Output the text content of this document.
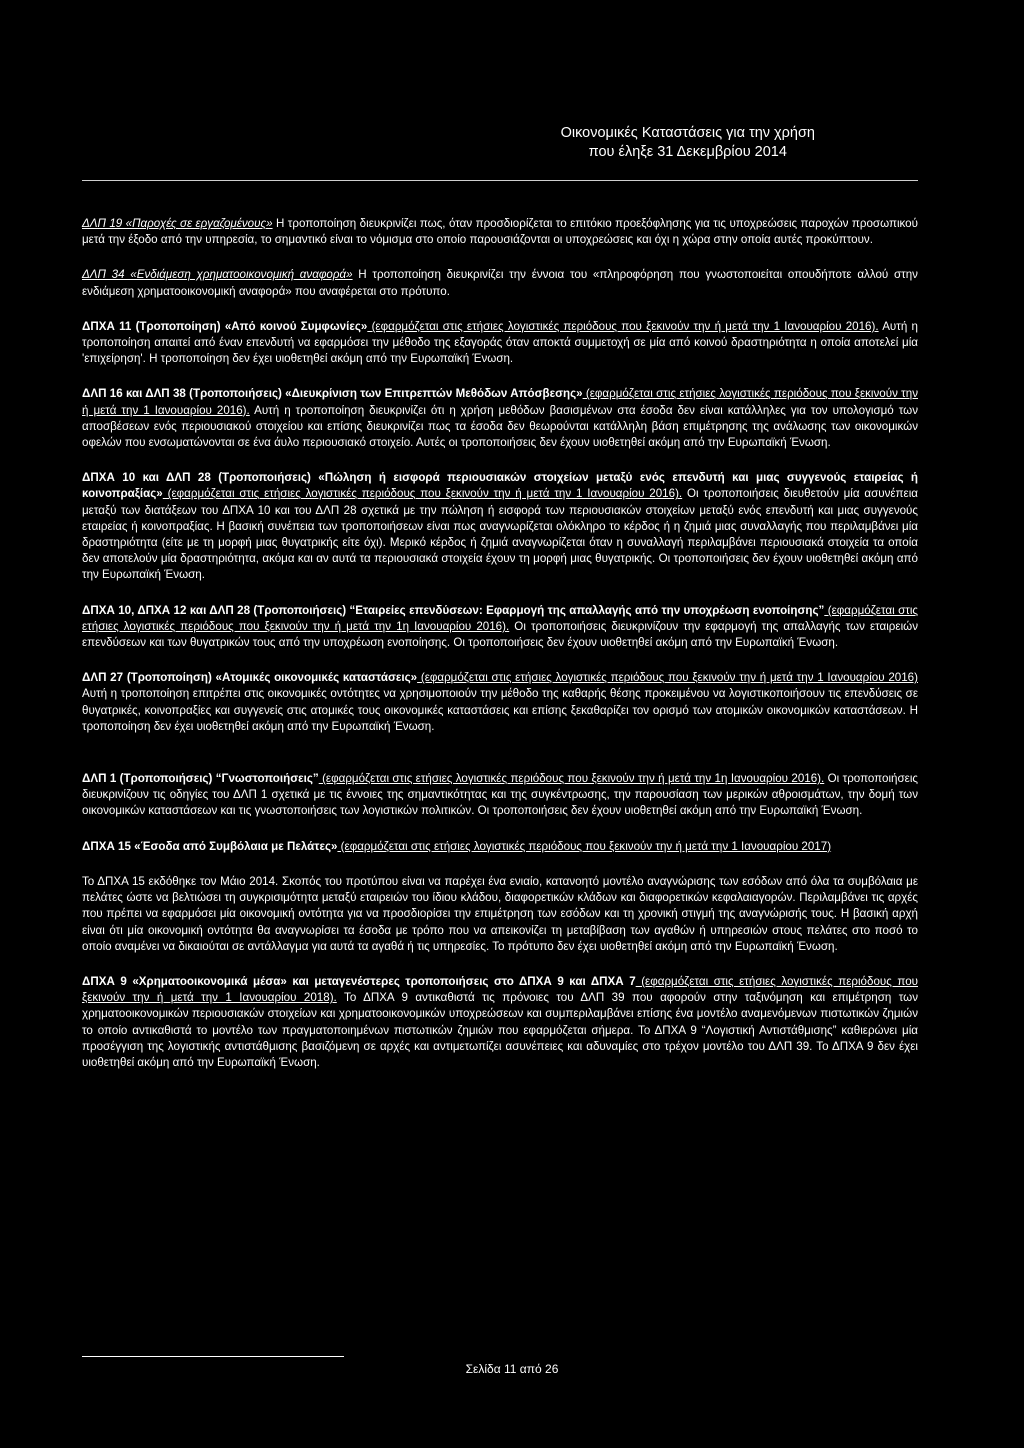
Οικονομικές Καταστάσεις για την χρήση
που έληξε 31 Δεκεμβρίου 2014

ΔΛΠ 19 «Παροχές σε εργαζομένους» Η τροποποίηση διευκρινίζει πως, όταν προσδιορίζεται το επιτόκιο προεξόφλησης για τις υποχρεώσεις παροχών προσωπικού μετά την έξοδο από την υπηρεσία, το σημαντικό είναι το νόμισμα στο οποίο παρουσιάζονται οι υποχρεώσεις και όχι η χώρα στην οποία αυτές προκύπτουν.

ΔΛΠ 34 «Ενδιάμεση χρηματοοικονομική αναφορά» Η τροποποίηση διευκρινίζει την έννοια του «πληροφόρηση που γνωστοποιείται οπουδήποτε αλλού στην ενδιάμεση χρηματοοικονομική αναφορά» που αναφέρεται στο πρότυπο.

ΔΠΧΑ 11 (Τροποποίηση) «Από κοινού Συμφωνίες» (εφαρμόζεται στις ετήσιες λογιστικές περιόδους που ξεκινούν την ή μετά την 1 Ιανουαρίου 2016). Αυτή η τροποποίηση απαιτεί από έναν επενδυτή να εφαρμόσει την μέθοδο της εξαγοράς όταν αποκτά συμμετοχή σε μία από κοινού δραστηριότητα η οποία αποτελεί μία 'επιχείρηση'. Η τροποποίηση δεν έχει υιοθετηθεί ακόμη από την Ευρωπαϊκή Ένωση.

ΔΛΠ 16 και ΔΛΠ 38 (Τροποποιήσεις) «Διευκρίνιση των Επιτρεπτών Μεθόδων Απόσβεσης» (εφαρμόζεται στις ετήσιες λογιστικές περιόδους που ξεκινούν την ή μετά την 1 Ιανουαρίου 2016). Αυτή η τροποποίηση διευκρινίζει ότι η χρήση μεθόδων βασισμένων στα έσοδα δεν είναι κατάλληλες για τον υπολογισμό των αποσβέσεων ενός περιουσιακού στοιχείου και επίσης διευκρινίζει πως τα έσοδα δεν θεωρούνται κατάλληλη βάση επιμέτρησης της ανάλωσης των οικονομικών οφελών που ενσωματώνονται σε ένα άυλο περιουσιακό στοιχείο. Αυτές οι τροποποιήσεις δεν έχουν υιοθετηθεί ακόμη από την Ευρωπαϊκή Ένωση.

ΔΠΧΑ 10 και ΔΛΠ 28 (Τροποποιήσεις) «Πώληση ή εισφορά περιουσιακών στοιχείων μεταξύ ενός επενδυτή και μιας συγγενούς εταιρείας ή κοινοπραξίας» (εφαρμόζεται στις ετήσιες λογιστικές περιόδους που ξεκινούν την ή μετά την 1 Ιανουαρίου 2016). Οι τροποποιήσεις διευθετούν μία ασυνέπεια μεταξύ των διατάξεων του ΔΠΧΑ 10 και του ΔΛΠ 28 σχετικά με την πώληση ή εισφορά των περιουσιακών στοιχείων μεταξύ ενός επενδυτή και μιας συγγενούς εταιρείας ή κοινοπραξίας. Η βασική συνέπεια των τροποποιήσεων είναι πως αναγνωρίζεται ολόκληρο το κέρδος ή η ζημιά μιας συναλλαγής που περιλαμβάνει μία δραστηριότητα (είτε με τη μορφή μιας θυγατρικής είτε όχι). Μερικό κέρδος ή ζημιά αναγνωρίζεται όταν η συναλλαγή περιλαμβάνει περιουσιακά στοιχεία τα οποία δεν αποτελούν μία δραστηριότητα, ακόμα και αν αυτά τα περιουσιακά στοιχεία έχουν τη μορφή μιας θυγατρικής. Οι τροποποιήσεις δεν έχουν υιοθετηθεί ακόμη από την Ευρωπαϊκή Ένωση.

ΔΠΧΑ 10, ΔΠΧΑ 12 και ΔΛΠ 28 (Τροποποιήσεις) “Εταιρείες επενδύσεων: Εφαρμογή της απαλλαγής από την υποχρέωση ενοποίησης” (εφαρμόζεται στις ετήσιες λογιστικές περιόδους που ξεκινούν την ή μετά την 1η Ιανουαρίου 2016). Οι τροποποιήσεις διευκρινίζουν την εφαρμογή της απαλλαγής των εταιρειών επενδύσεων και των θυγατρικών τους από την υποχρέωση ενοποίησης. Οι τροποποιήσεις δεν έχουν υιοθετηθεί ακόμη από την Ευρωπαϊκή Ένωση.

ΔΛΠ 27 (Τροποποίηση) «Ατομικές οικονομικές καταστάσεις» (εφαρμόζεται στις ετήσιες λογιστικές περιόδους που ξεκινούν την ή μετά την 1 Ιανουαρίου 2016) Αυτή η τροποποίηση επιτρέπει στις οικονομικές οντότητες να χρησιμοποιούν την μέθοδο της καθαρής θέσης προκειμένου να λογιστικοποιήσουν τις επενδύσεις σε θυγατρικές, κοινοπραξίες και συγγενείς στις ατομικές τους οικονομικές καταστάσεις και επίσης ξεκαθαρίζει τον ορισμό των ατομικών οικονομικών καταστάσεων. Η τροποποίηση δεν έχει υιοθετηθεί ακόμη από την Ευρωπαϊκή Ένωση.

ΔΛΠ 1 (Τροποποιήσεις) “Γνωστοποιήσεις” (εφαρμόζεται στις ετήσιες λογιστικές περιόδους που ξεκινούν την ή μετά την 1η Ιανουαρίου 2016). Οι τροποποιήσεις διευκρινίζουν τις οδηγίες του ΔΛΠ 1 σχετικά με τις έννοιες της σημαντικότητας και της συγκέντρωσης, την παρουσίαση των μερικών αθροισμάτων, την δομή των οικονομικών καταστάσεων και τις γνωστοποιήσεις των λογιστικών πολιτικών. Οι τροποποιήσεις δεν έχουν υιοθετηθεί ακόμη από την Ευρωπαϊκή Ένωση.

ΔΠΧΑ 15 «Έσοδα από Συμβόλαια με Πελάτες» (εφαρμόζεται στις ετήσιες λογιστικές περιόδους που ξεκινούν την ή μετά την 1 Ιανουαρίου 2017)

Το ΔΠΧΑ 15 εκδόθηκε τον Μάιο 2014. Σκοπός του προτύπου είναι να παρέχει ένα ενιαίο, κατανοητό μοντέλο αναγνώρισης των εσόδων από όλα τα συμβόλαια με πελάτες ώστε να βελτιώσει τη συγκρισιμότητα μεταξύ εταιρειών του ίδιου κλάδου, διαφορετικών κλάδων και διαφορετικών κεφαλαιαγορών. Περιλαμβάνει τις αρχές που πρέπει να εφαρμόσει μία οικονομική οντότητα για να προσδιορίσει την επιμέτρηση των εσόδων και τη χρονική στιγμή της αναγνώρισής τους. Η βασική αρχή είναι ότι μία οικονομική οντότητα θα αναγνωρίσει τα έσοδα με τρόπο που να απεικονίζει τη μεταβίβαση των αγαθών ή υπηρεσιών στους πελάτες στο ποσό το οποίο αναμένει να δικαιούται σε αντάλλαγμα για αυτά τα αγαθά ή τις υπηρεσίες. Το πρότυπο δεν έχει υιοθετηθεί ακόμη από την Ευρωπαϊκή Ένωση.

ΔΠΧΑ 9 «Χρηματοοικονομικά μέσα» και μεταγενέστερες τροποποιήσεις στο ΔΠΧΑ 9 και ΔΠΧΑ 7 (εφαρμόζεται στις ετήσιες λογιστικές περιόδους που ξεκινούν την ή μετά την 1 Ιανουαρίου 2018). Το ΔΠΧΑ 9 αντικαθιστά τις πρόνοιες του ΔΛΠ 39 που αφορούν στην ταξινόμηση και επιμέτρηση των χρηματοοικονομικών περιουσιακών στοιχείων και χρηματοοικονομικών υποχρεώσεων και συμπεριλαμβάνει επίσης ένα μοντέλο αναμενόμενων πιστωτικών ζημιών το οποίο αντικαθιστά το μοντέλο των πραγματοποιημένων πιστωτικών ζημιών που εφαρμόζεται σήμερα. Το ΔΠΧΑ 9 “Λογιστική Αντιστάθμισης” καθιερώνει μία προσέγγιση της λογιστικής αντιστάθμισης βασιζόμενη σε αρχές και αντιμετωπίζει ασυνέπειες και αδυναμίες στο τρέχον μοντέλο του ΔΛΠ 39. Το ΔΠΧΑ 9 δεν έχει υιοθετηθεί ακόμη από την Ευρωπαϊκή Ένωση.

Σελίδα 11 από 26
